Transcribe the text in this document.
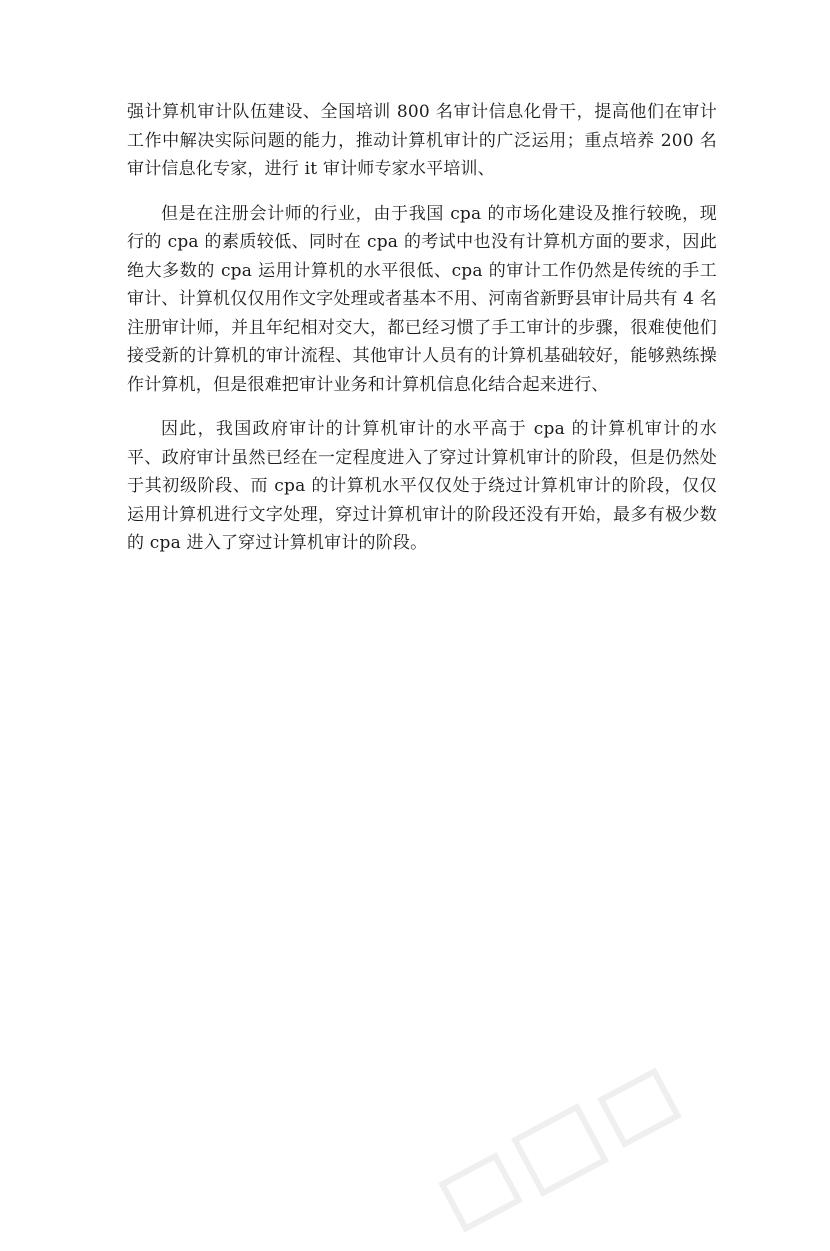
强计算机审计队伍建设、全国培训 800 名审计信息化骨干，提高他们在审计工作中解决实际问题的能力，推动计算机审计的广泛运用；重点培养 200 名审计信息化专家，进行 it 审计师专家水平培训、

但是在注册会计师的行业，由于我国 cpa 的市场化建设及推行较晚，现行的 cpa 的素质较低、同时在 cpa 的考试中也没有计算机方面的要求，因此绝大多数的 cpa 运用计算机的水平很低、cpa 的审计工作仍然是传统的手工审计、计算机仅仅用作文字处理或者基本不用、河南省新野县审计局共有 4 名注册审计师，并且年纪相对交大，都已经习惯了手工审计的步骤，很难使他们接受新的计算机的审计流程、其他审计人员有的计算机基础较好，能够熟练操作计算机，但是很难把审计业务和计算机信息化结合起来进行、

因此，我国政府审计的计算机审计的水平高于 cpa 的计算机审计的水平、政府审计虽然已经在一定程度进入了穿过计算机审计的阶段，但是仍然处于其初级阶段、而 cpa 的计算机水平仅仅处于绕过计算机审计的阶段，仅仅运用计算机进行文字处理，穿过计算机审计的阶段还没有开始，最多有极少数的 cpa 进入了穿过计算机审计的阶段。
